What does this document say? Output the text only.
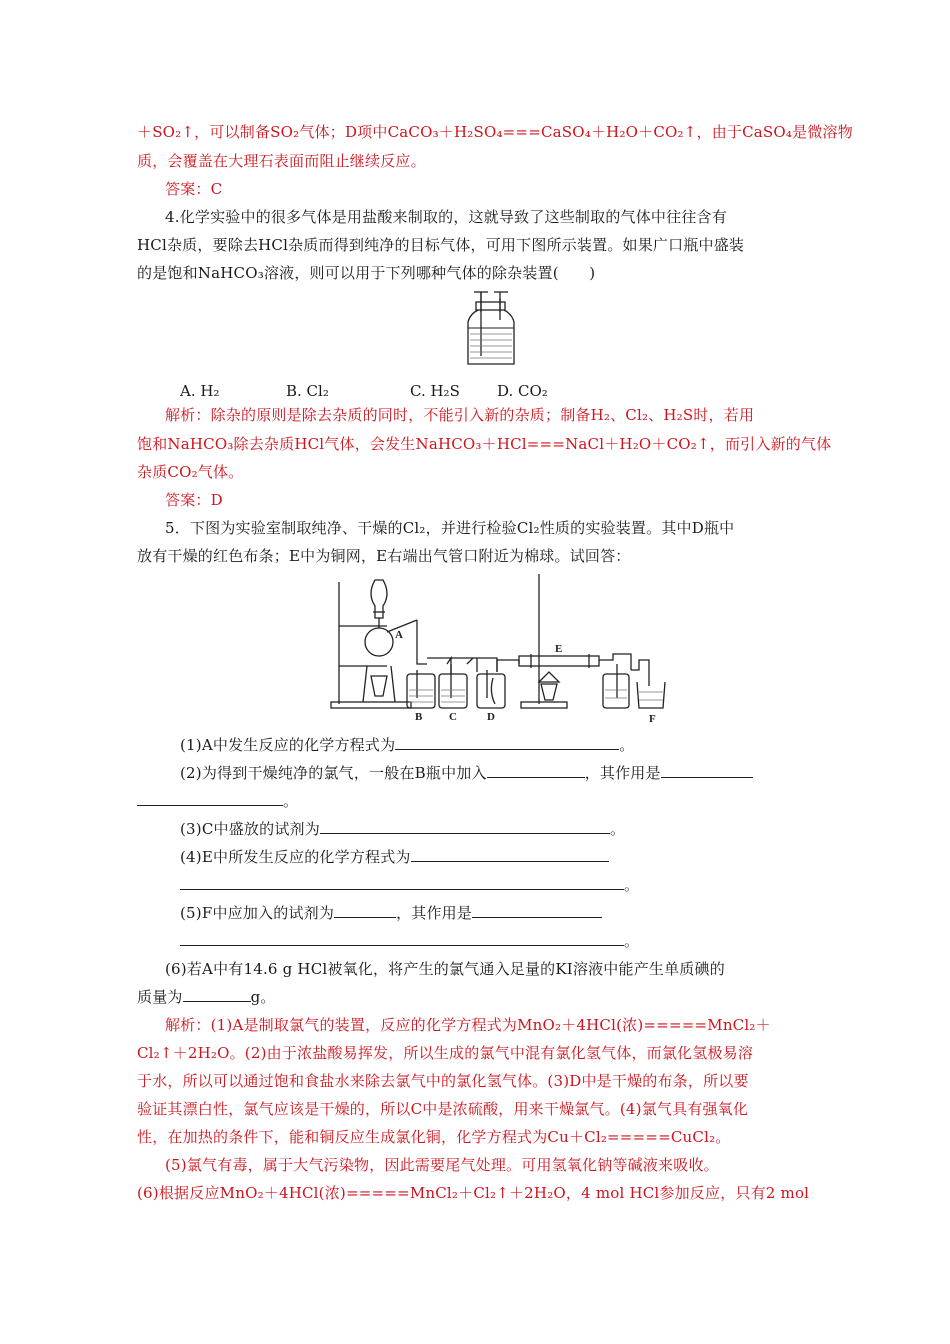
＋SO₂↑，可以制备SO₂气体；D项中CaCO₃＋H₂SO₄===CaSO₄＋H₂O＋CO₂↑，由于CaSO₄是微溶物
质，会覆盖在大理石表面而阻止继续反应。
答案：C
4.化学实验中的很多气体是用盐酸来制取的，这就导致了这些制取的气体中往往含有
HCl杂质，要除去HCl杂质而得到纯净的目标气体，可用下图所示装置。如果广口瓶中盛装
的是饱和NaHCO₃溶液，则可以用于下列哪种气体的除杂装置(　　)
A. H₂	B. Cl₂	C. H₂S D. CO₂
解析：除杂的原则是除去杂质的同时，不能引入新的杂质；制备H₂、Cl₂、H₂S时，若用
饱和NaHCO₃除去杂质HCl气体，会发生NaHCO₃＋HCl===NaCl＋H₂O＋CO₂↑，而引入新的气体
杂质CO₂气体。
答案：D
5．下图为实验室制取纯净、干燥的Cl₂，并进行检验Cl₂性质的实验装置。其中D瓶中
放有干燥的红色布条；E中为铜网，E右端出气管口附近为棉球。试回答：
A
B C	D
E
F
(1)A中发生反应的化学方程式为	。
(2)为得到干燥纯净的氯气，一般在B瓶中加入	，其作用是
。
(3)C中盛放的试剂为	。
(4)E中所发生反应的化学方程式为
。
(5)F中应加入的试剂为	，其作用是
。
(6)若A中有14.6 g HCl被氧化，将产生的氯气通入足量的KI溶液中能产生单质碘的
质量为	g。
解析：(1)A是制取氯气的装置，反应的化学方程式为MnO₂＋4HCl(浓)=====MnCl₂＋
Cl₂↑＋2H₂O。(2)由于浓盐酸易挥发，所以生成的氯气中混有氯化氢气体，而氯化氢极易溶
于水，所以可以通过饱和食盐水来除去氯气中的氯化氢气体。(3)D中是干燥的布条，所以要
验证其漂白性，氯气应该是干燥的，所以C中是浓硫酸，用来干燥氯气。(4)氯气具有强氧化
性，在加热的条件下，能和铜反应生成氯化铜，化学方程式为Cu＋Cl₂=====CuCl₂。
(5)氯气有毒，属于大气污染物，因此需要尾气处理。可用氢氧化钠等碱液来吸收。
(6)根据反应MnO₂＋4HCl(浓)=====MnCl₂＋Cl₂↑＋2H₂O，4 mol HCl参加反应，只有2 mol
